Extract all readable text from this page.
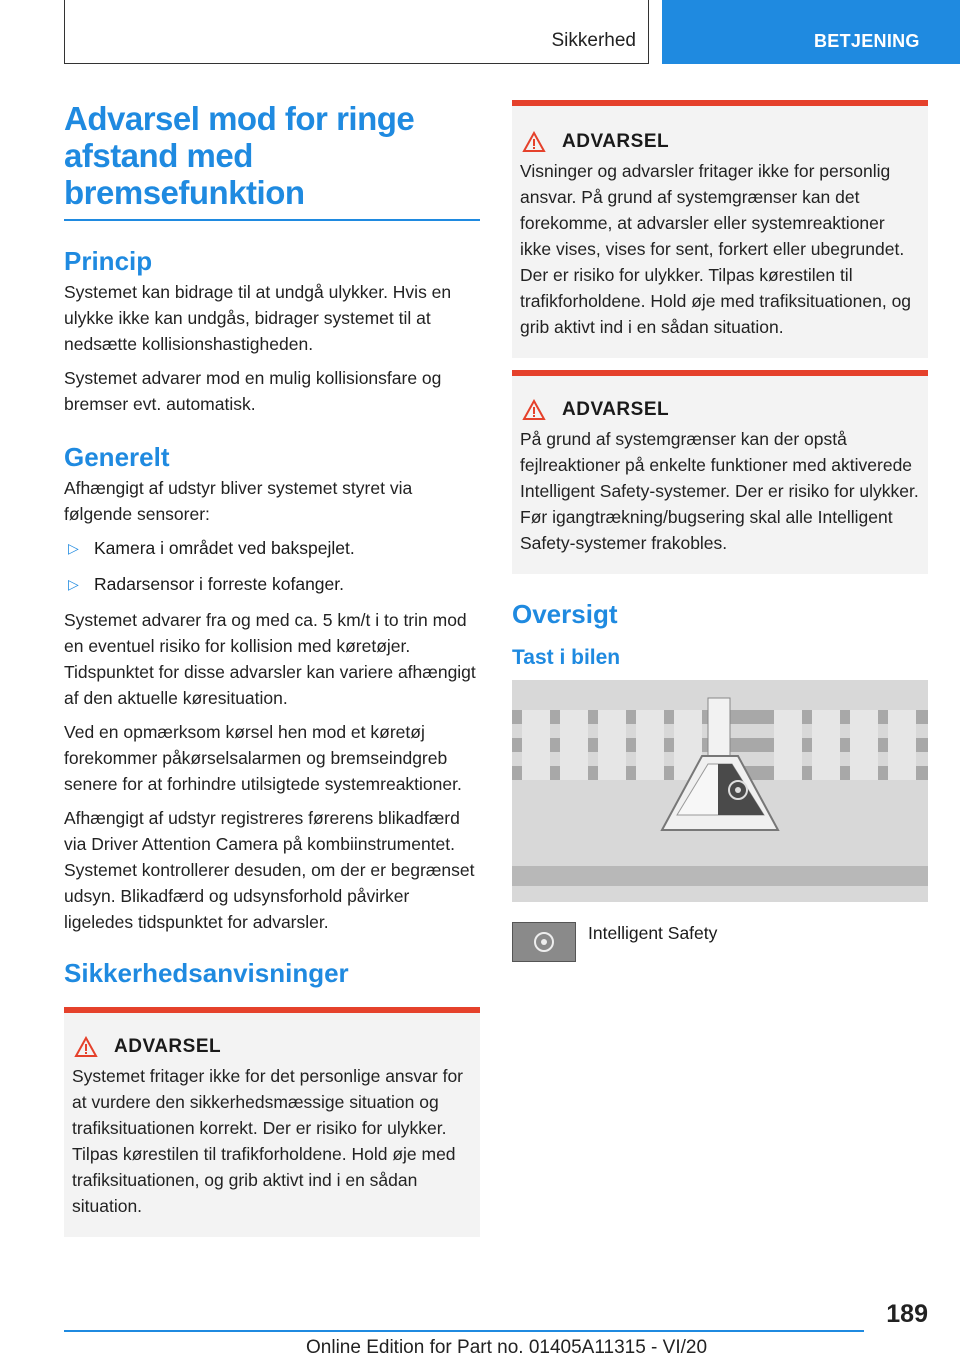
Sikkerhed	BETJENING
Advarsel mod for ringe afstand med bremsefunktion
Princip

Systemet kan bidrage til at undgå ulykker. Hvis en ulykke ikke kan undgås, bidrager systemet til at nedsætte kollisionshastigheden.

Systemet advarer mod en mulig kollisionsfare og bremser evt. automatisk.

Generelt

Afhængigt af udstyr bliver systemet styret via følgende sensorer:

▷ Kamera i området ved bakspejlet.
▷ Radarsensor i forreste kofanger.

Systemet advarer fra og med ca. 5 km/t i to trin mod en eventuel risiko for kollision med køretøjer. Tidspunktet for disse advarsler kan variere afhængigt af den aktuelle køresituation.

Ved en opmærksom kørsel hen mod et køretøj forekommer påkørselsalarmen og bremseindgreb senere for at forhindre utilsigtede systemreaktioner.

Afhængigt af udstyr registreres førerens blikadfærd via Driver Attention Camera på kombiinstrumentet. Systemet kontrollerer desuden, om der er begrænset udsyn. Blikadfærd og udsynsforhold påvirker ligeledes tidspunktet for advarsler.

Sikkerhedsanvisninger
ADVARSEL

Systemet fritager ikke for det personlige ansvar for at vurdere den sikkerhedsmæssige situation og trafiksituationen korrekt. Der er risiko for ulykker. Tilpas kørestilen til trafikforholdene. Hold øje med trafiksituationen, og grib aktivt ind i en sådan situation.

ADVARSEL

Visninger og advarsler fritager ikke for personlig ansvar. På grund af systemgrænser kan det forekomme, at advarsler eller systemreaktioner ikke vises, vises for sent, forkert eller ubegrundet. Der er risiko for ulykker. Tilpas kørestilen til trafikforholdene. Hold øje med trafiksituationen, og grib aktivt ind i en sådan situation.

ADVARSEL

På grund af systemgrænser kan der opstå fejlreaktioner på enkelte funktioner med aktiverede Intelligent Safety-systemer. Der er risiko for ulykker. Før igangtrækning/bugsering skal alle Intelligent Safety-systemer frakobles.

Oversigt
Tast i bilen
Intelligent Safety
189
Online Edition for Part no. 01405A11315 - VI/20
